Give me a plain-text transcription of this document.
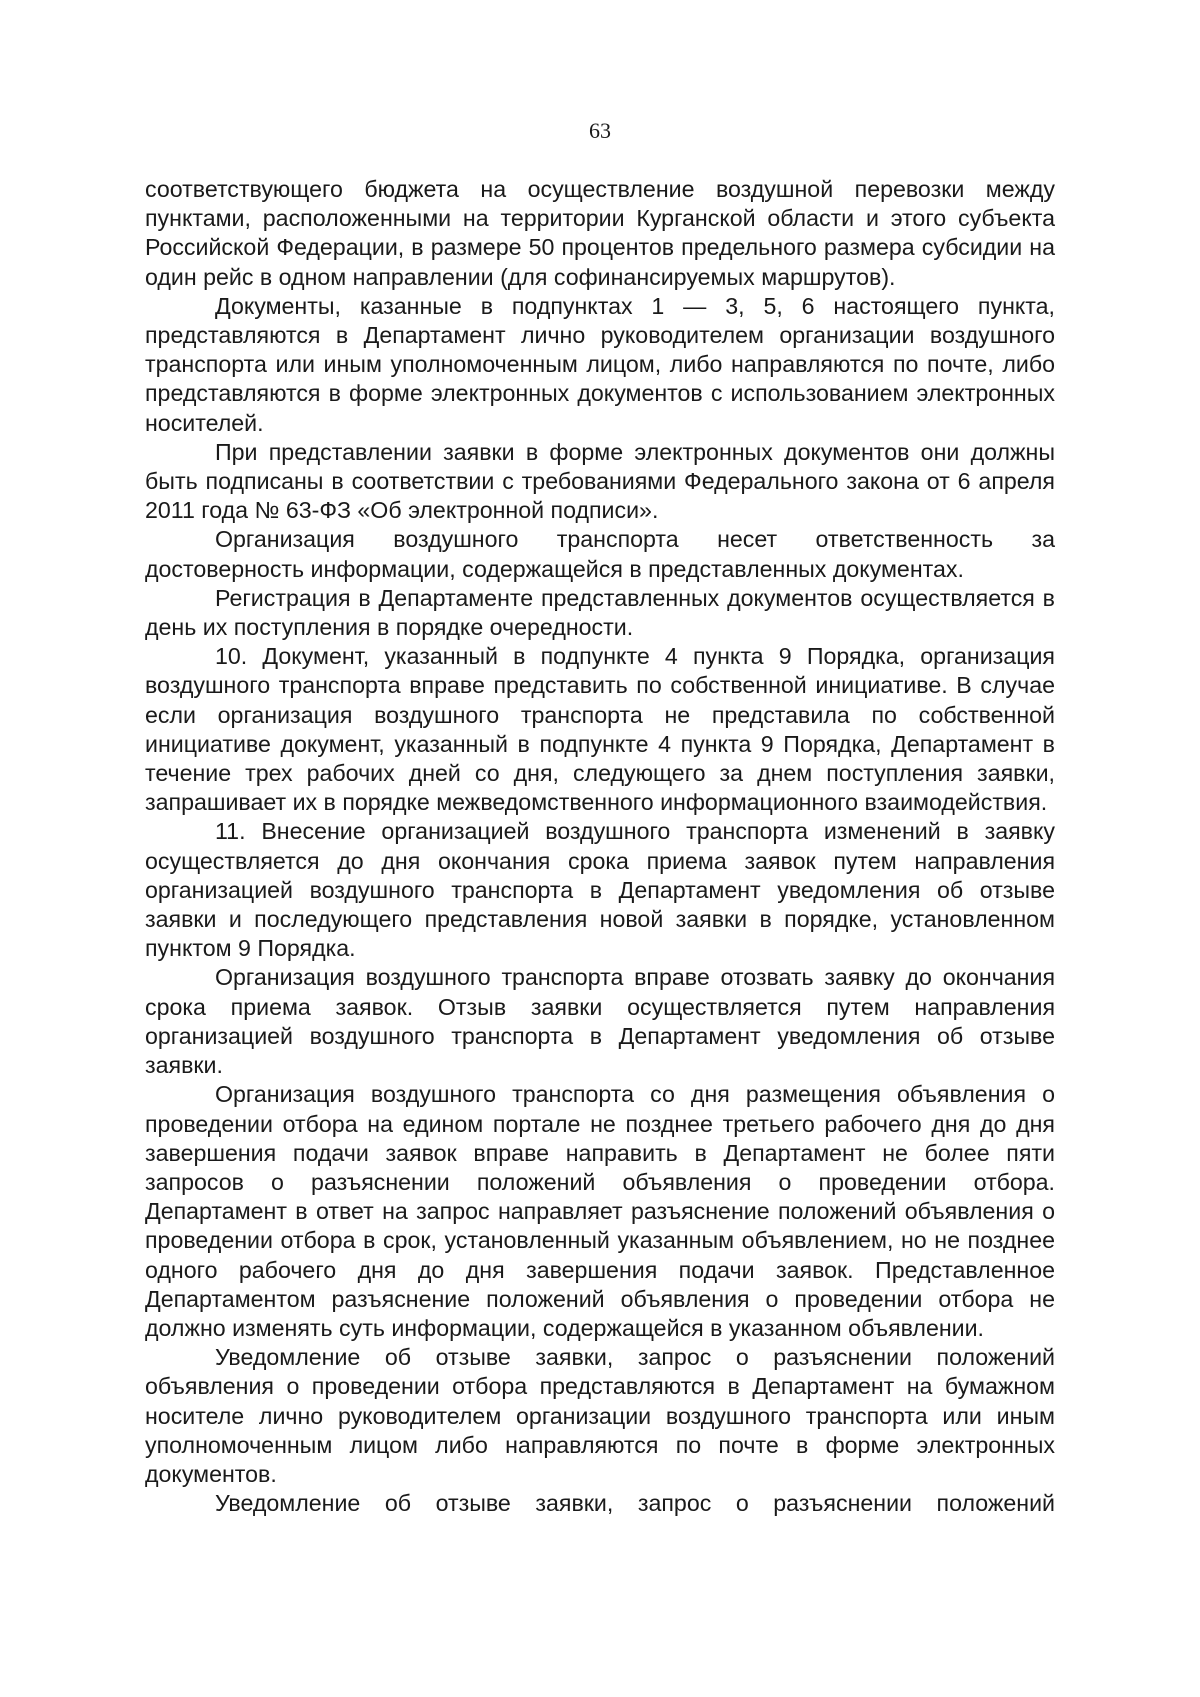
63

соответствующего бюджета на осуществление воздушной перевозки между пунктами, расположенными на территории Курганской области и этого субъекта Российской Федерации, в размере 50 процентов предельного размера субсидии на один рейс в одном направлении (для софинансируемых маршрутов).

Документы, казанные в подпунктах 1 — 3, 5, 6 настоящего пункта, представляются в Департамент лично руководителем организации воздушного транспорта или иным уполномоченным лицом, либо направляются по почте, либо представляются в форме электронных документов с использованием электронных носителей.

При представлении заявки в форме электронных документов они должны быть подписаны в соответствии с требованиями Федерального закона от 6 апреля 2011 года № 63-ФЗ «Об электронной подписи».

Организация воздушного транспорта несет ответственность за достоверность информации, содержащейся в представленных документах.

Регистрация в Департаменте представленных документов осуществляется в день их поступления в порядке очередности.

10. Документ, указанный в подпункте 4 пункта 9 Порядка, организация воздушного транспорта вправе представить по собственной инициативе. В случае если организация воздушного транспорта не представила по собственной инициативе документ, указанный в подпункте 4 пункта 9 Порядка, Департамент в течение трех рабочих дней со дня, следующего за днем поступления заявки, запрашивает их в порядке межведомственного информационного взаимодействия.

11. Внесение организацией воздушного транспорта изменений в заявку осуществляется до дня окончания срока приема заявок путем направления организацией воздушного транспорта в Департамент уведомления об отзыве заявки и последующего представления новой заявки в порядке, установленном пунктом 9 Порядка.

Организация воздушного транспорта вправе отозвать заявку до окончания срока приема заявок. Отзыв заявки осуществляется путем направления организацией воздушного транспорта в Департамент уведомления об отзыве заявки.

Организация воздушного транспорта со дня размещения объявления о проведении отбора на едином портале не позднее третьего рабочего дня до дня завершения подачи заявок вправе направить в Департамент не более пяти запросов о разъяснении положений объявления о проведении отбора. Департамент в ответ на запрос направляет разъяснение положений объявления о проведении отбора в срок, установленный указанным объявлением, но не позднее одного рабочего дня до дня завершения подачи заявок. Представленное Департаментом разъяснение положений объявления о проведении отбора не должно изменять суть информации, содержащейся в указанном объявлении.

Уведомление об отзыве заявки, запрос о разъяснении положений объявления о проведении отбора представляются в Департамент на бумажном носителе лично руководителем организации воздушного транспорта или иным уполномоченным лицом либо направляются по почте в форме электронных документов.

Уведомление об отзыве заявки, запрос о разъяснении положений
